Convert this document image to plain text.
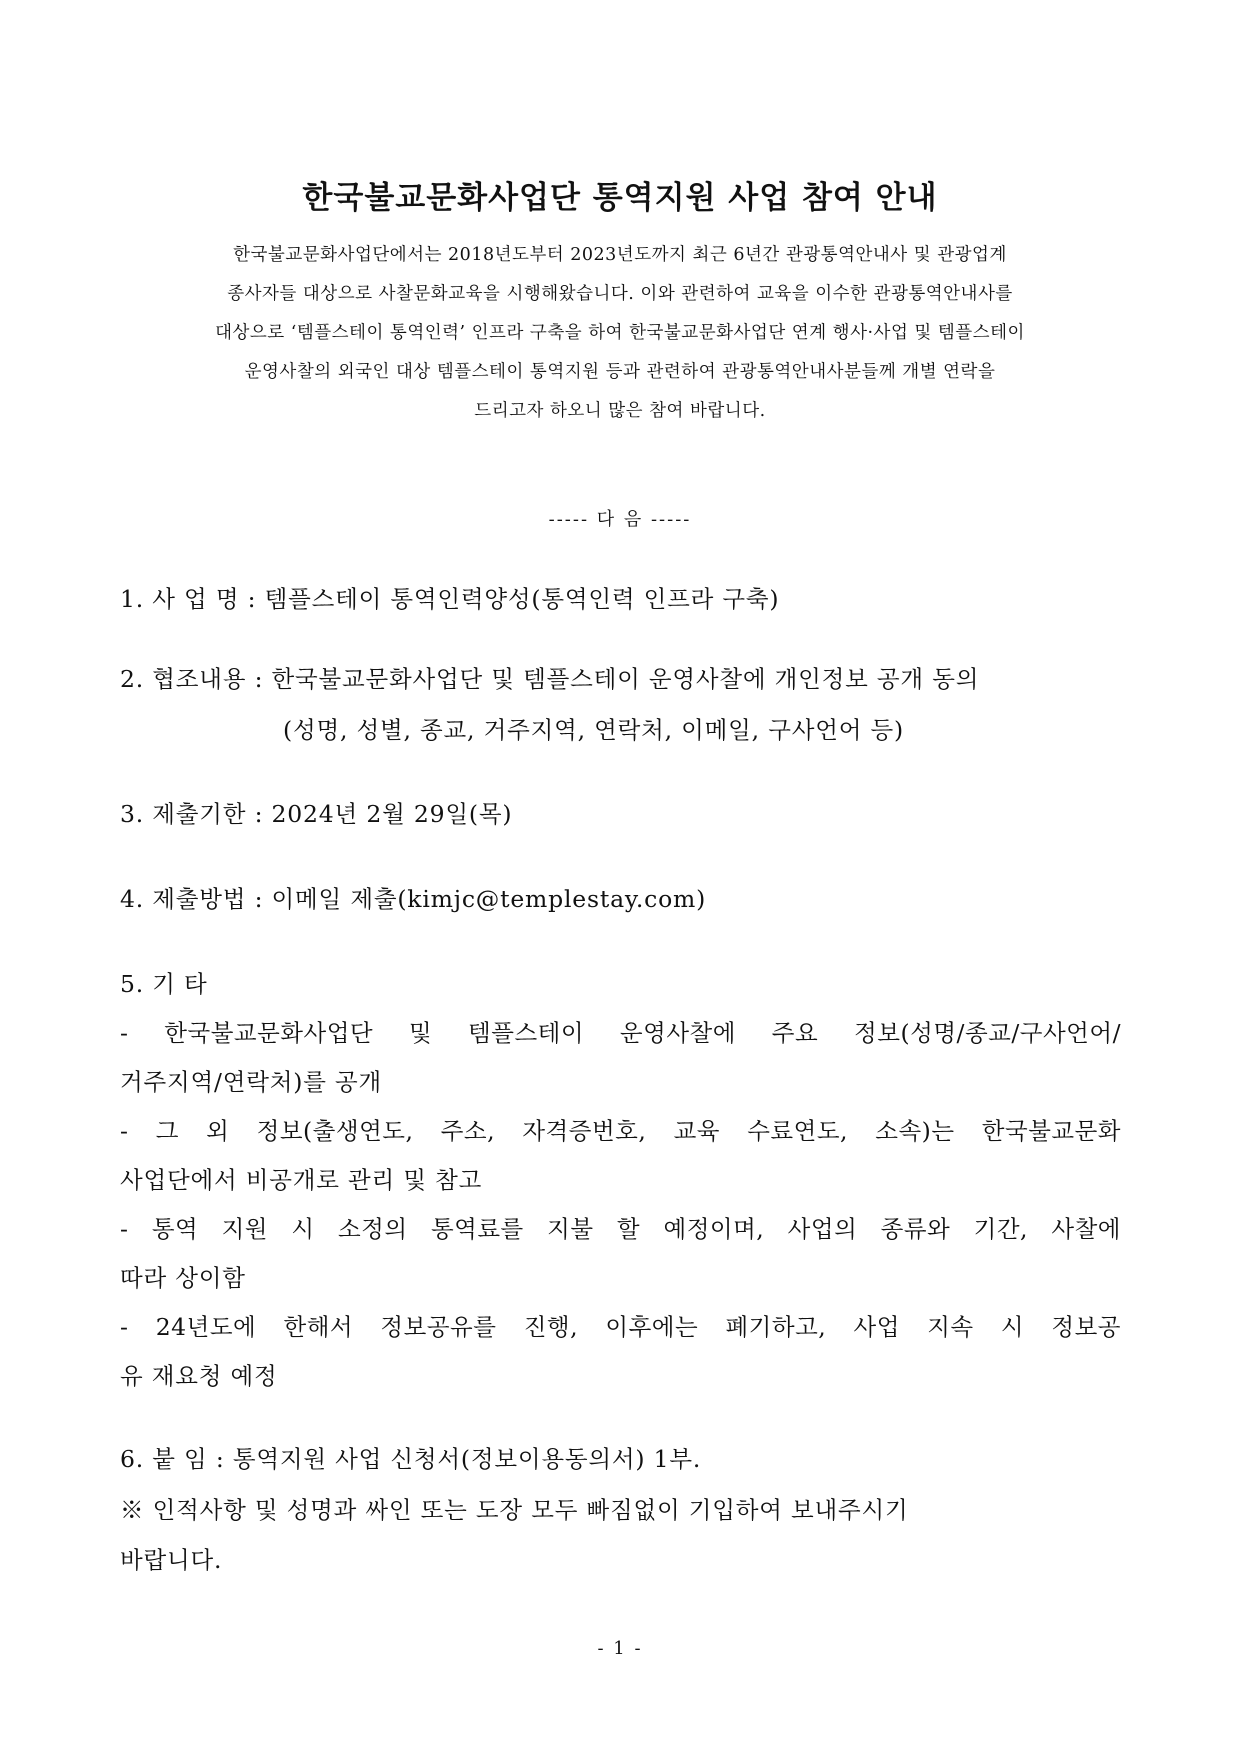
한국불교문화사업단 통역지원 사업 참여 안내
한국불교문화사업단에서는 2018년도부터 2023년도까지 최근 6년간 관광통역안내사 및 관광업계
종사자들 대상으로 사찰문화교육을 시행해왔습니다. 이와 관련하여 교육을 이수한 관광통역안내사를
대상으로 ‘템플스테이 통역인력’ 인프라 구축을 하여 한국불교문화사업단 연계 행사·사업 및 템플스테이
운영사찰의 외국인 대상 템플스테이 통역지원 등과 관련하여 관광통역안내사분들께 개별 연락을
드리고자 하오니 많은 참여 바랍니다.
----- 다 음 -----
1. 사 업 명 : 템플스테이 통역인력양성(통역인력 인프라 구축)
2. 협조내용 : 한국불교문화사업단 및 템플스테이 운영사찰에 개인정보 공개 동의
(성명, 성별, 종교, 거주지역, 연락처, 이메일, 구사언어 등)
3. 제출기한 : 2024년 2월 29일(목)
4. 제출방법 : 이메일 제출(kimjc@templestay.com)
5. 기 타
- 한국불교문화사업단 및 템플스테이 운영사찰에 주요 정보(성명/종교/구사언어/
거주지역/연락처)를 공개
- 그 외 정보(출생연도, 주소, 자격증번호, 교육 수료연도, 소속)는 한국불교문화
사업단에서 비공개로 관리 및 참고
- 통역 지원 시 소정의 통역료를 지불 할 예정이며, 사업의 종류와 기간, 사찰에
따라 상이함
- 24년도에 한해서 정보공유를 진행, 이후에는 폐기하고, 사업 지속 시 정보공
유 재요청 예정
6. 붙 임 : 통역지원 사업 신청서(정보이용동의서) 1부.
※ 인적사항 및 성명과 싸인 또는 도장 모두 빠짐없이 기입하여 보내주시기
바랍니다.
- 1 -
